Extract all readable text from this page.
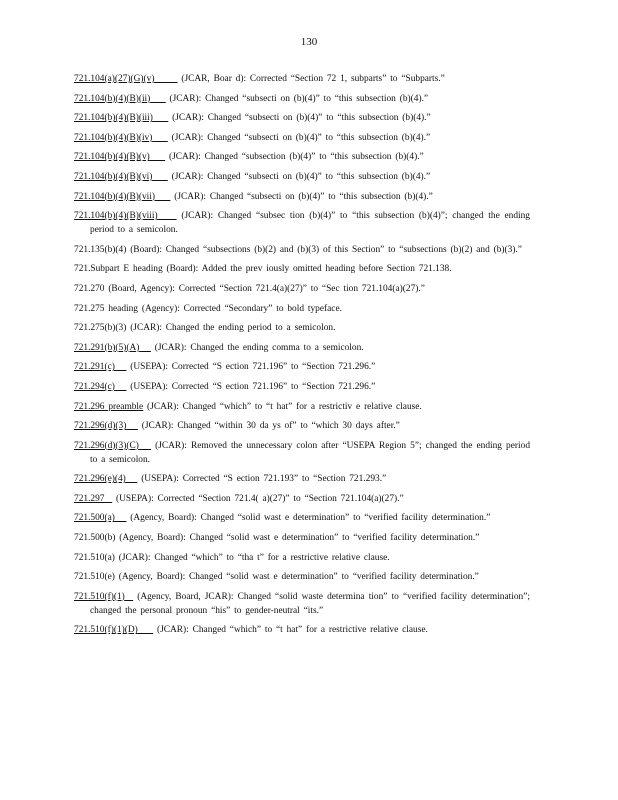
130
721.104(a)(27)(G)(v)       (JCAR, Boar d): Corrected “Section 72 1, subparts” to “Subparts.”
721.104(b)(4)(B)(ii)     (JCAR): Changed “subsecti on (b)(4)” to “this subsection (b)(4).”
721.104(b)(4)(B)(iii)     (JCAR): Changed “subsecti on (b)(4)” to “this subsection (b)(4).”
721.104(b)(4)(B)(iv)     (JCAR): Changed “subsecti on (b)(4)” to “this subsection (b)(4).”
721.104(b)(4)(B)(v)     (JCAR): Changed “subsection (b)(4)” to “this subsection (b)(4).”
721.104(b)(4)(B)(vi)     (JCAR): Changed “subsecti on (b)(4)” to “this subsection (b)(4).”
721.104(b)(4)(B)(vii)     (JCAR): Changed “subsecti on (b)(4)” to “this subsection (b)(4).”
721.104(b)(4)(B)(viii)     (JCAR): Changed “subsec tion (b)(4)” to “this subsection (b)(4)”; changed the ending period to a semicolon.
721.135(b)(4) (Board): Changed “subsections (b)(2) and (b)(3) of this Section” to “subsections (b)(2) and (b)(3).”
721.Subpart E heading (Board): Added the prev iously omitted heading before Section 721.138.
721.270 (Board, Agency): Corrected “Section 721.4(a)(27)” to “Sec tion 721.104(a)(27).”
721.275 heading (Agency): Corrected “Secondary” to bold typeface.
721.275(b)(3) (JCAR): Changed the ending period to a semicolon.
721.291(b)(5)(A)    (JCAR): Changed the ending comma to a semicolon.
721.291(c)    (USEPA): Corrected “S ection 721.196” to “Section 721.296.”
721.294(c)    (USEPA): Corrected “S ection 721.196” to “Section 721.296.”
721.296 preamble (JCAR): Changed “which” to “t hat” for a restrictiv e relative clause.
721.296(d)(3)    (JCAR): Changed “within 30 da ys of” to “which 30 days after.”
721.296(d)(3)(C)    (JCAR): Removed the unnecessary colon after “USEPA Region 5”; changed the ending period to a semicolon.
721.296(e)(4)    (USEPA): Corrected “S ection 721.193” to “Section 721.293.”
721.297   (USEPA): Corrected “Section 721.4( a)(27)” to “Section 721.104(a)(27).”
721.500(a)    (Agency, Board): Changed “solid wast e determination” to “verified facility determination.”
721.500(b) (Agency, Board): Changed “solid wast e determination” to “verified facility determination.”
721.510(a) (JCAR): Changed “which” to “tha t” for a restrictive relative clause.
721.510(e) (Agency, Board): Changed “solid wast e determination” to “verified facility determination.”
721.510(f)(1)   (Agency, Board, JCAR): Changed “solid waste determina tion” to “verified facility determination”; changed the personal pronoun “his” to gender-neutral “its.”
721.510(f)(1)(D)     (JCAR): Changed “which” to “t hat” for a restrictive relative clause.
